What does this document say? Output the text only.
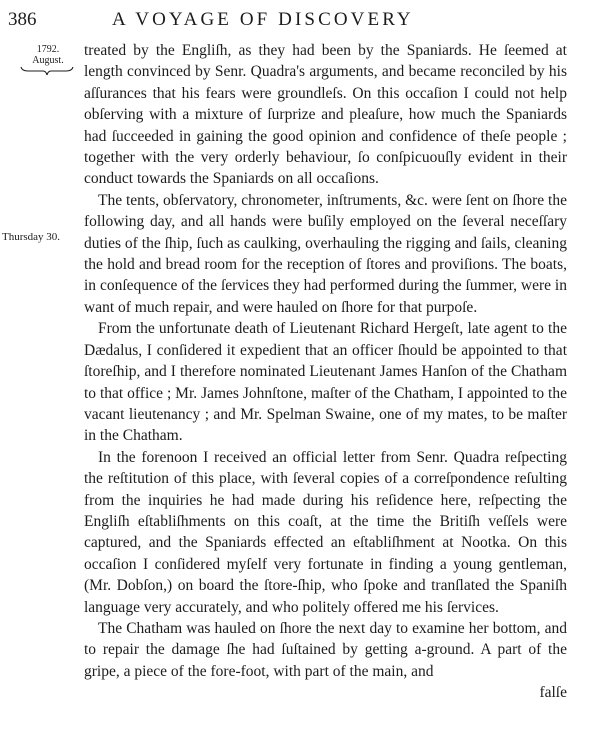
386	A VOYAGE OF DISCOVERY
1792.
August.
Thursday 30.

treated by the Engliſh, as they had been by the Spaniards. He ſeemed at length convinced by Senr. Quadra's arguments, and became reconciled by his aſſurances that his fears were groundleſs. On this occaſion I could not help obſerving with a mixture of ſurprize and pleaſure, how much the Spaniards had ſucceeded in gaining the good opinion and confidence of theſe people ; together with the very orderly behaviour, ſo conſpicuouſly evident in their conduct towards the Spaniards on all occaſions.

The tents, obſervatory, chronometer, inſtruments, &c. were ſent on ſhore the following day, and all hands were buſily employed on the ſeveral neceſſary duties of the ſhip, ſuch as caulking, overhauling the rigging and ſails, cleaning the hold and bread room for the reception of ſtores and proviſions. The boats, in conſequence of the ſervices they had performed during the ſummer, were in want of much repair, and were hauled on ſhore for that purpoſe.

From the unfortunate death of Lieutenant Richard Hergeſt, late agent to the Dædalus, I conſidered it expedient that an officer ſhould be appointed to that ſtoreſhip, and I therefore nominated Lieutenant James Hanſon of the Chatham to that office ; Mr. James Johnſtone, maſter of the Chatham, I appointed to the vacant lieutenancy ; and Mr. Spelman Swaine, one of my mates, to be maſter in the Chatham.

In the forenoon I received an official letter from Senr. Quadra reſpecting the reſtitution of this place, with ſeveral copies of a correſpondence reſulting from the inquiries he had made during his reſidence here, reſpecting the Engliſh eſtabliſhments on this coaſt, at the time the Britiſh veſſels were captured, and the Spaniards effected an eſtabliſhment at Nootka. On this occaſion I conſidered myſelf very fortunate in finding a young gentleman, (Mr. Dobſon,) on board the ſtore-ſhip, who ſpoke and tranſlated the Spaniſh language very accurately, and who politely offered me his ſervices.

The Chatham was hauled on ſhore the next day to examine her bottom, and to repair the damage ſhe had ſuſtained by getting a-ground. A part of the gripe, a piece of the fore-foot, with part of the main, and

falſe
